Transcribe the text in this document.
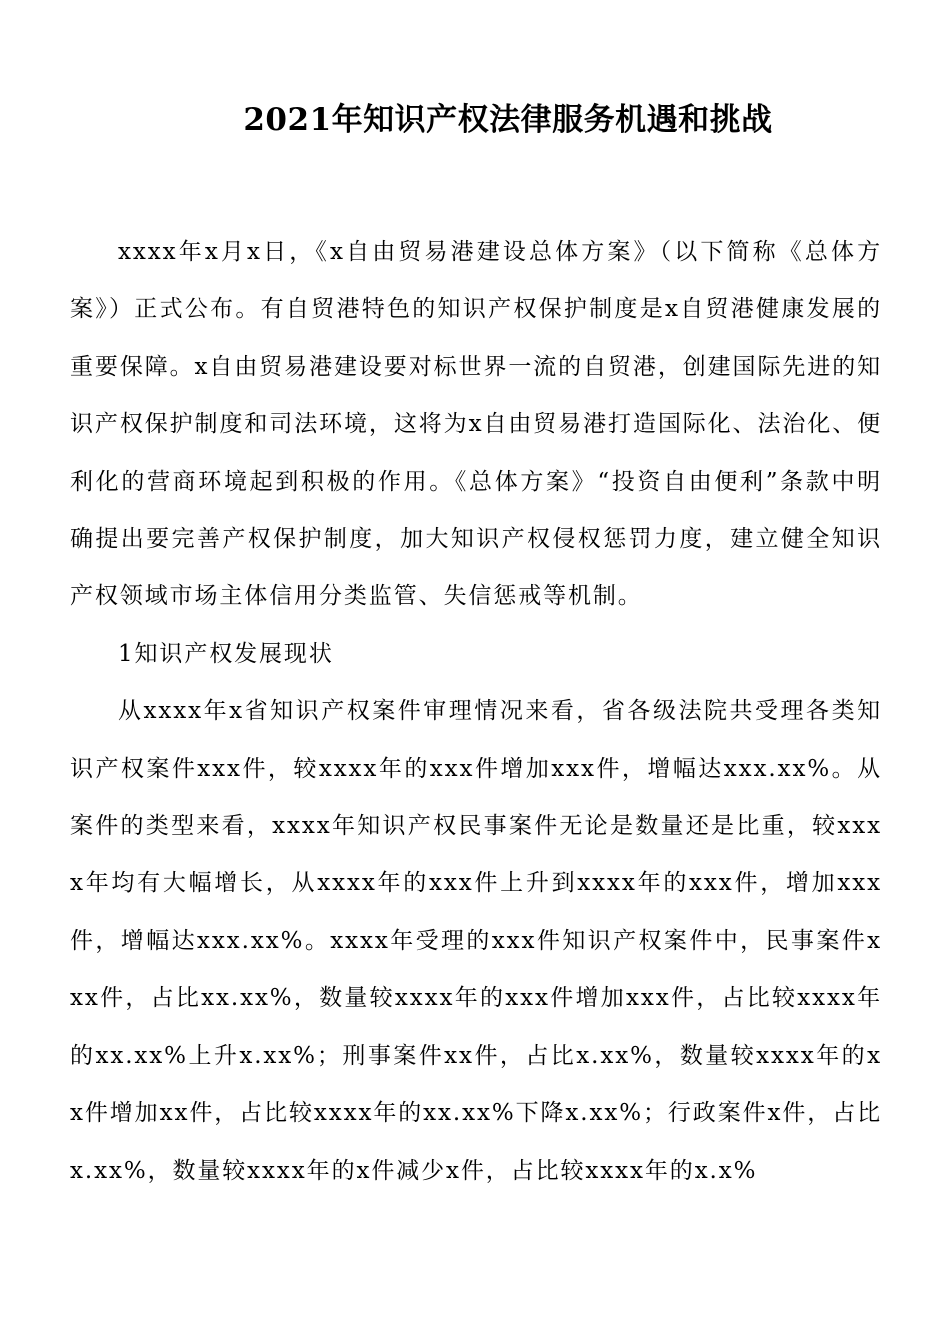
2021年知识产权法律服务机遇和挑战

xxxx年x月x日，《x自由贸易港建设总体方案》（以下简称《总体方案》）正式公布。有自贸港特色的知识产权保护制度是x自贸港健康发展的重要保障。x自由贸易港建设要对标世界一流的自贸港，创建国际先进的知识产权保护制度和司法环境，这将为x自由贸易港打造国际化、法治化、便利化的营商环境起到积极的作用。《总体方案》“投资自由便利”条款中明确提出要完善产权保护制度，加大知识产权侵权惩罚力度，建立健全知识产权领域市场主体信用分类监管、失信惩戒等机制。

1知识产权发展现状

从xxxx年x省知识产权案件审理情况来看，省各级法院共受理各类知识产权案件xxx件，较xxxx年的xxx件增加xxx件，增幅达xxx.xx%。从案件的类型来看，xxxx年知识产权民事案件无论是数量还是比重，较xxxx年均有大幅增长，从xxxx年的xxx件上升到xxxx年的xxx件，增加xxx件，增幅达xxx.xx%。xxxx年受理的xxx件知识产权案件中，民事案件xxx件，占比xx.xx%，数量较xxxx年的xxx件增加xxx件，占比较xxxx年的xx.xx%上升x.xx%；刑事案件xx件，占比x.xx%，数量较xxxx年的xx件增加xx件，占比较xxxx年的xx.xx%下降x.xx%；行政案件x件，占比x.xx%，数量较xxxx年的x件减少x件，占比较xxxx年的x.x%
